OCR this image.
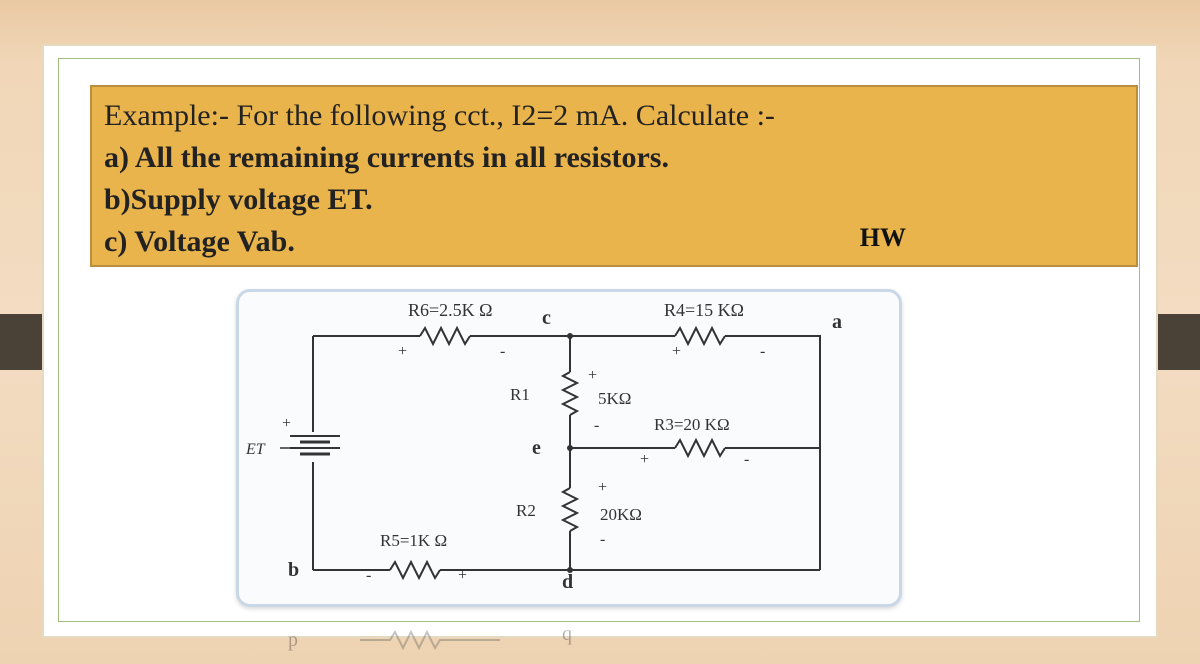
Example:- For the following cct., I2=2 mA. Calculate :-
a) All the remaining currents in all resistors.
b)Supply voltage ET.
c) Voltage Vab.	HW
R6=2.5K Ω c	R4=15 KΩ
a
R1	5KΩ
R3=20 KΩ
e
R2	20KΩ
R5=1K Ω
b
d
ET
+	-	+	-
+
-
+	-
+
-
-	+
+
p	q
